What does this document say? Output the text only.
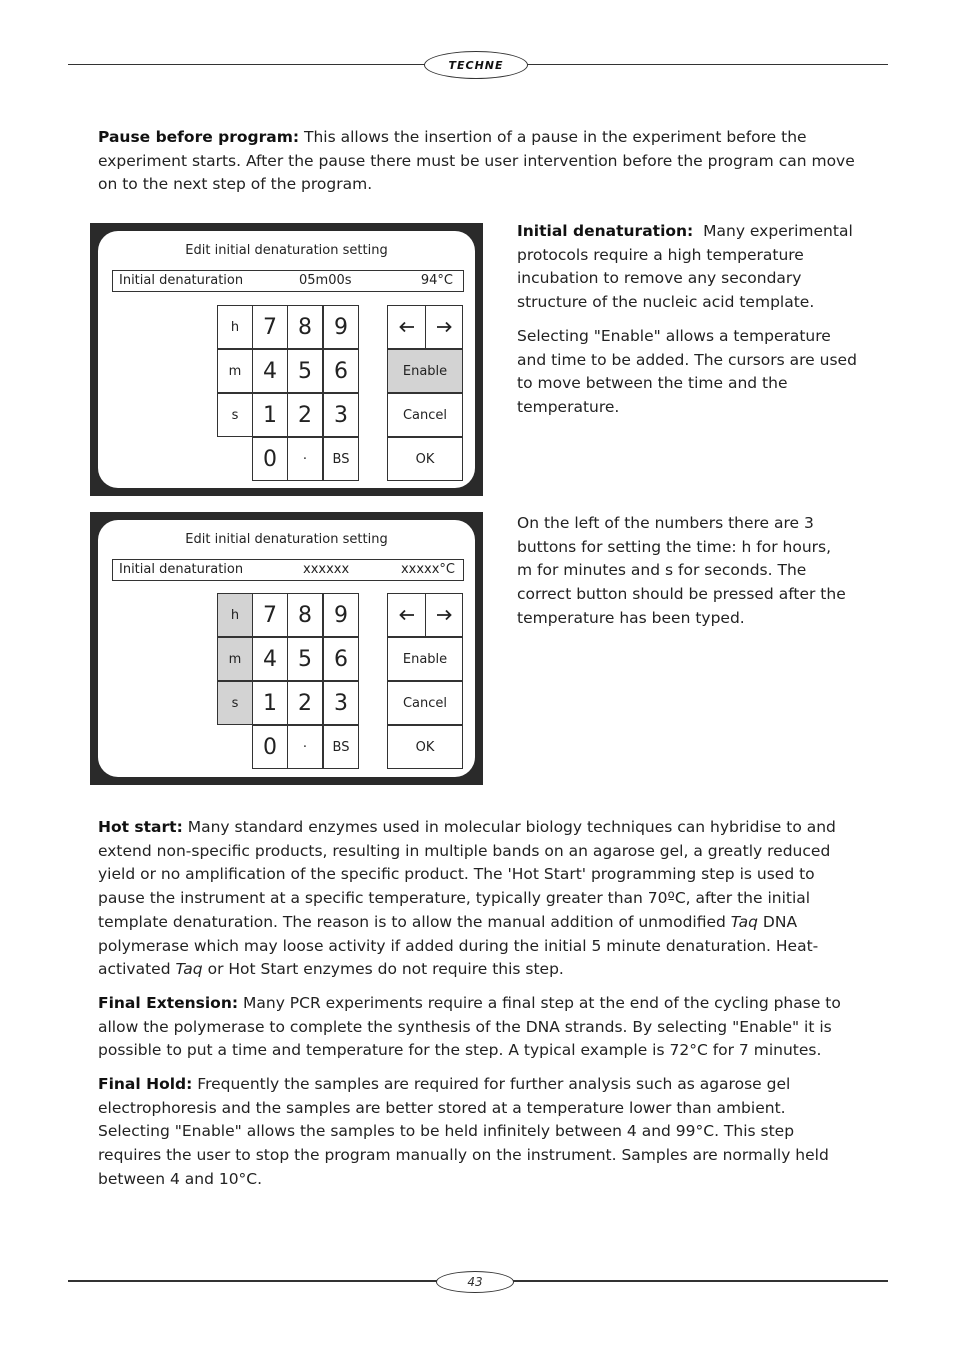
TECHNE

Pause before program: This allows the insertion of a pause in the experiment before the experiment starts. After the pause there must be user intervention before the program can move on to the next step of the program.

Edit initial denaturation setting
Initial denaturation	05m00s	94°C
h
m
s
7 8	9
4 5	6
1 2	3
0	·	BS
Enable
Cancel
OK

Initial denaturation: Many experimental protocols require a high temperature incubation to remove any secondary structure of the nucleic acid template.

Selecting "Enable" allows a temperature and time to be added. The cursors are used to move between the time and the temperature.

Edit initial denaturation setting
Initial denaturation	xxxxxx	xxxxx°C
h
m
s
7 8	9
4 5	6
1 2	3
0	·	BS
Enable
Cancel
OK

On the left of the numbers there are 3 buttons for setting the time: h for hours, m for minutes and s for seconds. The correct button should be pressed after the temperature has been typed.

Hot start: Many standard enzymes used in molecular biology techniques can hybridise to and extend non-specific products, resulting in multiple bands on an agarose gel, a greatly reduced yield or no amplification of the specific product. The 'Hot Start' programming step is used to pause the instrument at a specific temperature, typically greater than 70ºC, after the initial template denaturation. The reason is to allow the manual addition of unmodified Taq DNA polymerase which may loose activity if added during the initial 5 minute denaturation. Heat-activated Taq or Hot Start enzymes do not require this step.

Final Extension: Many PCR experiments require a final step at the end of the cycling phase to allow the polymerase to complete the synthesis of the DNA strands. By selecting "Enable" it is possible to put a time and temperature for the step. A typical example is 72°C for 7 minutes.

Final Hold: Frequently the samples are required for further analysis such as agarose gel electrophoresis and the samples are better stored at a temperature lower than ambient. Selecting "Enable" allows the samples to be held infinitely between 4 and 99°C. This step requires the user to stop the program manually on the instrument. Samples are normally held between 4 and 10°C.

43
